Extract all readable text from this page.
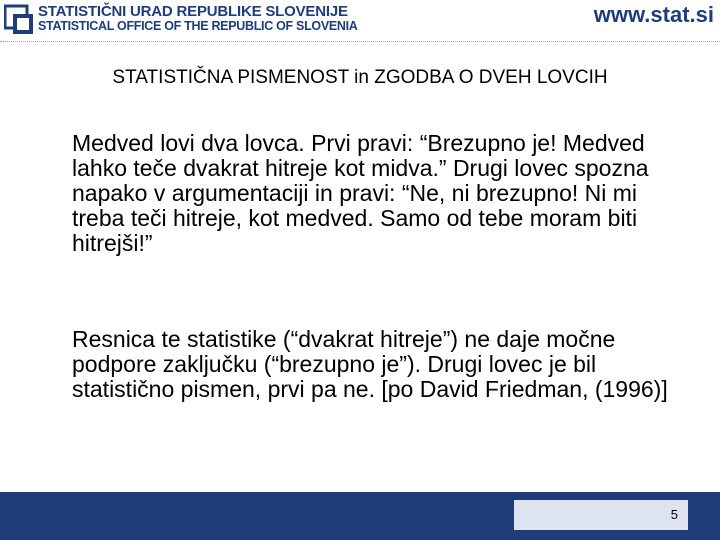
STATISTIČNI URAD REPUBLIKE SLOVENIJE
STATISTICAL OFFICE OF THE REPUBLIC OF SLOVENIA	www.stat.si
STATISTIČNA PISMENOST in ZGODBA O DVEH LOVCIH

Medved lovi dva lovca. Prvi pravi: “Brezupno je! Medved lahko teče dvakrat hitreje kot midva.” Drugi lovec spozna napako v argumentaciji in pravi: “Ne, ni brezupno! Ni mi treba teči hitreje, kot medved. Samo od tebe moram biti hitrejši!”

Resnica te statistike (“dvakrat hitreje”) ne daje močne podpore zaključku (“brezupno je”). Drugi lovec je bil statistično pismen, prvi pa ne. [po David Friedman, (1996)]

5
